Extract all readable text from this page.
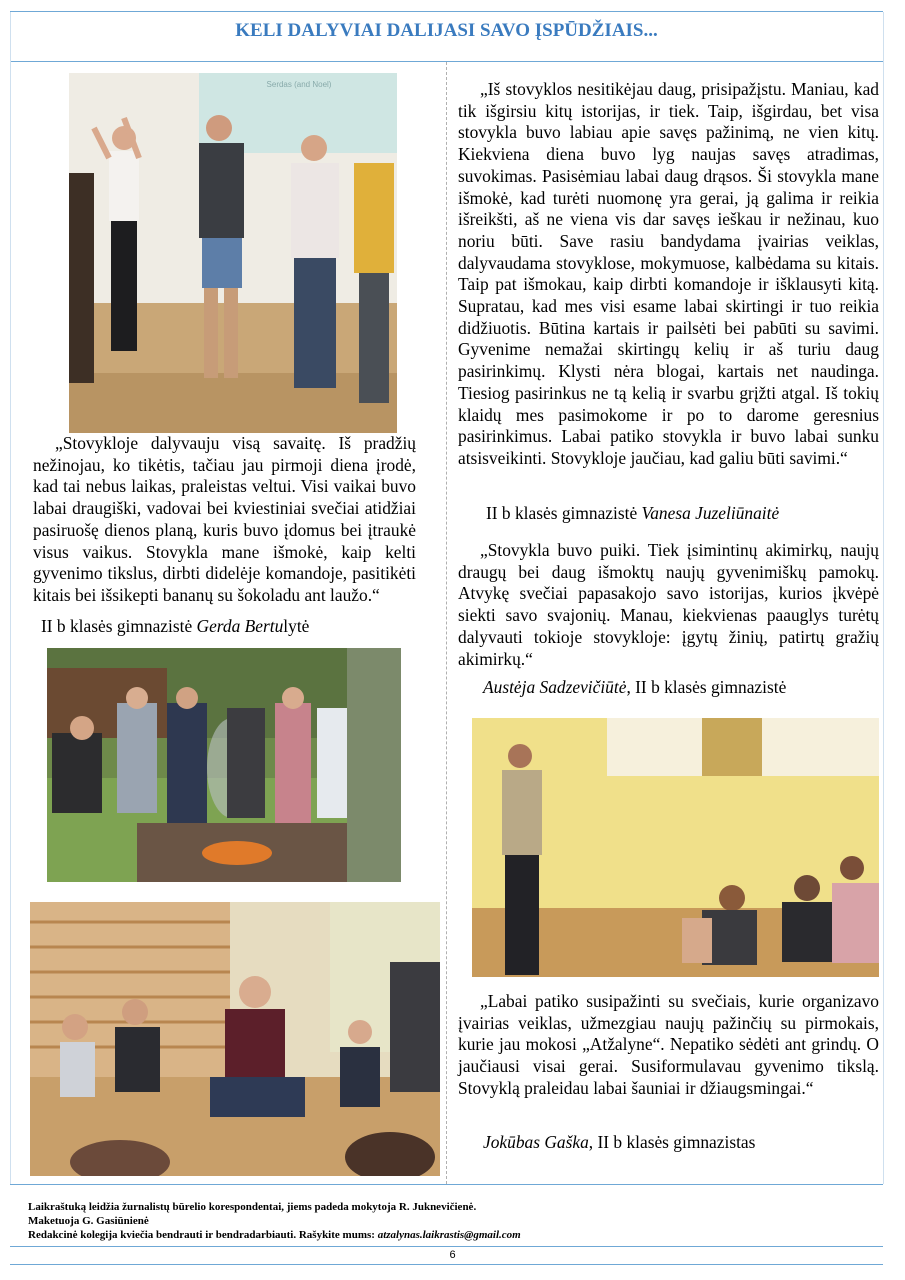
KELI DALYVIAI DALIJASI SAVO ĮSPŪDŽIAIS...
Serdas (and Noel)

„Stovykloje dalyvauju visą savaitę. Iš pradžių nežinojau, ko tikėtis, tačiau jau pirmoji diena įrodė, kad tai nebus laikas, praleistas veltui. Visi vaikai buvo labai draugiški, vadovai bei kviestiniai svečiai atidžiai pasiruošę dienos planą, kuris buvo įdomus bei įtraukė visus vaikus. Stovykla mane išmokė, kaip kelti gyvenimo tikslus, dirbti didelėje komandoje, pasitikėti kitais bei išsikepti bananų su šokoladu ant laužo.“

II b klasės gimnazistė Gerda Bertulytė

„Iš stovyklos nesitikėjau daug, prisipažįstu. Maniau, kad tik išgirsiu kitų istorijas, ir tiek. Taip, išgirdau, bet visa stovykla buvo labiau apie savęs pažinimą, ne vien kitų. Kiekviena diena buvo lyg naujas savęs atradimas, suvokimas. Pasisėmiau labai daug drąsos. Ši stovykla mane išmokė, kad turėti nuomonę yra gerai, ją galima ir reikia išreikšti, aš ne viena vis dar savęs ieškau ir nežinau, kuo noriu būti. Save rasiu bandydama įvairias veiklas, dalyvaudama stovyklose, mokymuose, kalbėdama su kitais. Taip pat išmokau, kaip dirbti komandoje ir išklausyti kitą. Supratau, kad mes visi esame labai skirtingi ir tuo reikia didžiuotis. Būtina kartais ir pailsėti bei pabūti su savimi. Gyvenime nemažai skirtingų kelių ir aš turiu daug pasirinkimų. Klysti nėra blogai, kartais net naudinga. Tiesiog pasirinkus ne tą kelią ir svarbu grįžti atgal. Iš tokių klaidų mes pasimokome ir po to darome geresnius pasirinkimus. Labai patiko stovykla ir buvo labai sunku atsisveikinti. Stovykloje jaučiau, kad galiu būti savimi.“

II b klasės gimnazistė Vanesa Juzeliūnaitė

„Stovykla buvo puiki. Tiek įsimintinų akimirkų, naujų draugų bei daug išmoktų naujų gyvenimiškų pamokų. Atvykę svečiai papasakojo savo istorijas, kurios įkvėpė siekti savo svajonių. Manau, kiekvienas paauglys turėtų dalyvauti tokioje stovykloje: įgytų žinių, patirtų gražių akimirkų.“

Austėja Sadzevičiūtė, II b klasės gimnazistė

„Labai patiko susipažinti su svečiais, kurie organizavo įvairias veiklas, užmezgiau naujų pažinčių su pirmokais, kurie jau mokosi „Atžalyne“. Nepatiko sėdėti ant grindų. O jaučiausi visai gerai. Susiformulavau gyvenimo tikslą. Stovyklą praleidau labai šauniai ir džiaugsmingai.“

Jokūbas Gaška, II b klasės gimnazistas
Laikraštuką leidžia žurnalistų būrelio korespondentai, jiems padeda mokytoja R. Juknevičienė.
Maketuoja G. Gasiūnienė
Redakcinė kolegija kviečia bendrauti ir bendradarbiauti. Rašykite mums: atzalynas.laikrastis@gmail.com
6
